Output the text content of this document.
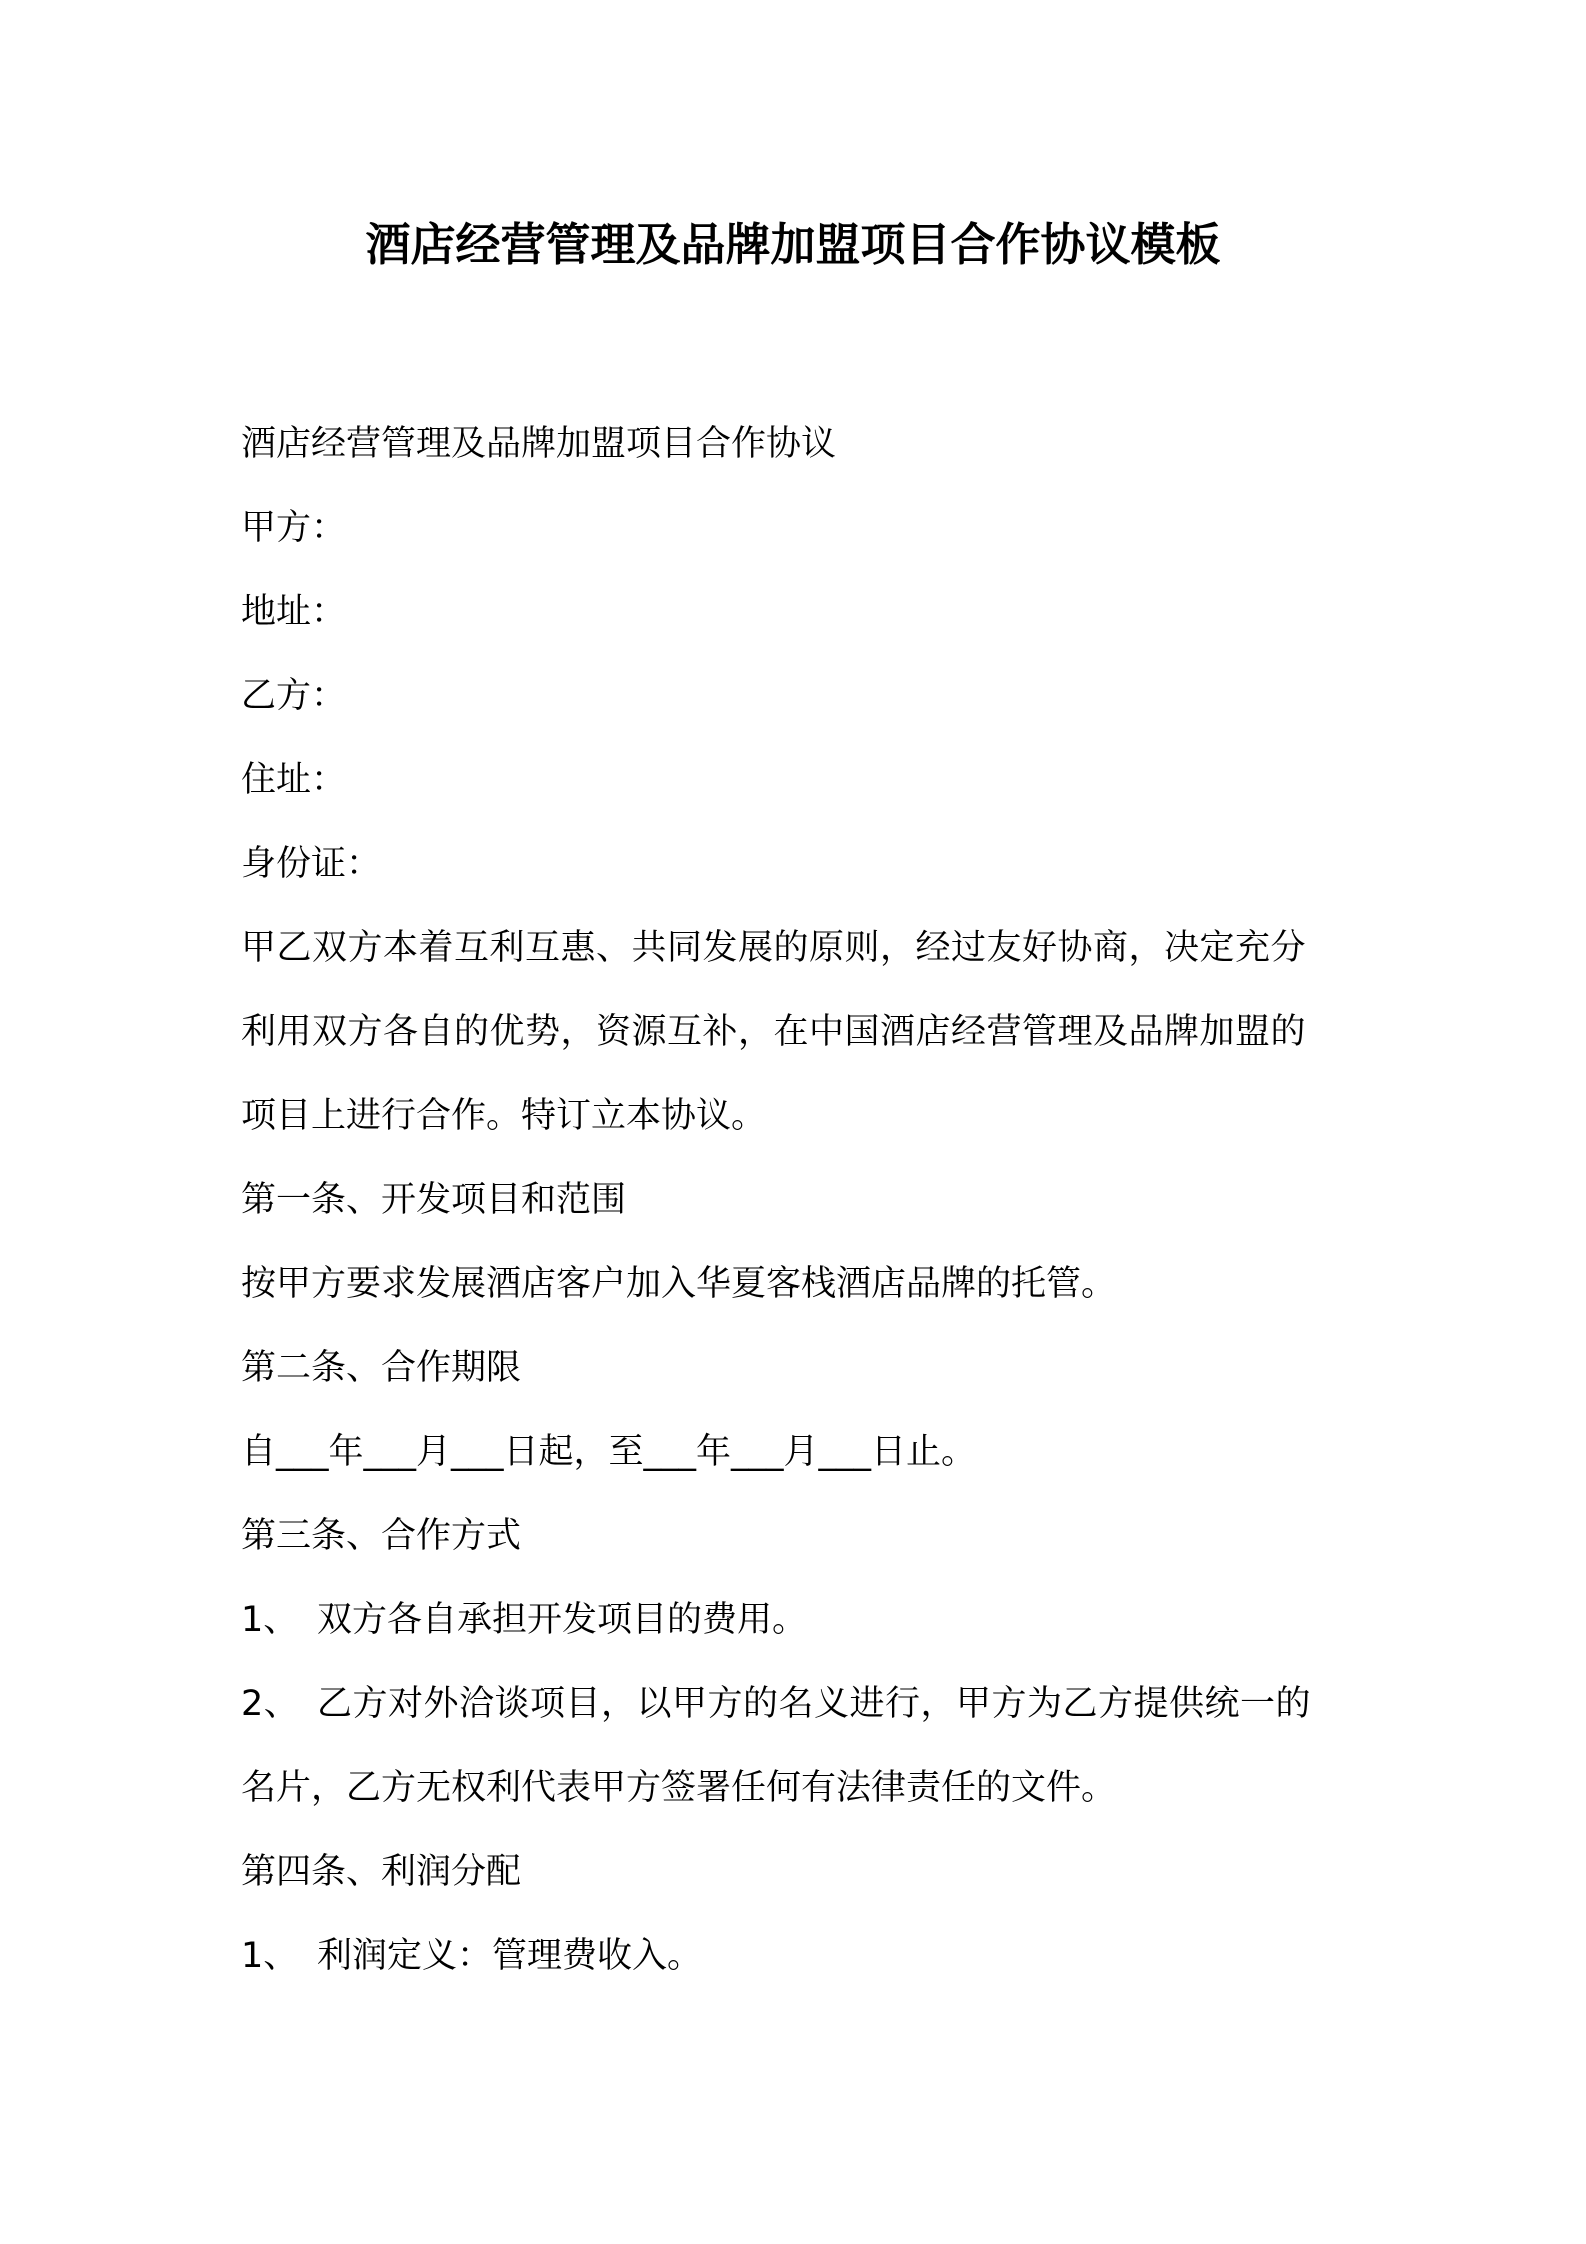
酒店经营管理及品牌加盟项目合作协议模板
酒店经营管理及品牌加盟项目合作协议
甲方：
地址：
乙方：
住址：
身份证：
甲乙双方本着互利互惠、共同发展的原则，经过友好协商，决定充分
利用双方各自的优势，资源互补，在中国酒店经营管理及品牌加盟的
项目上进行合作。特订立本协议。
第一条、开发项目和范围
按甲方要求发展酒店客户加入华夏客栈酒店品牌的托管。
第二条、合作期限
自___年___月___日起，至___年___月___日止。
第三条、合作方式
1、 双方各自承担开发项目的费用。
2、 乙方对外洽谈项目，以甲方的名义进行，甲方为乙方提供统一的
名片，乙方无权利代表甲方签署任何有法律责任的文件。
第四条、利润分配
1、 利润定义：管理费收入。
